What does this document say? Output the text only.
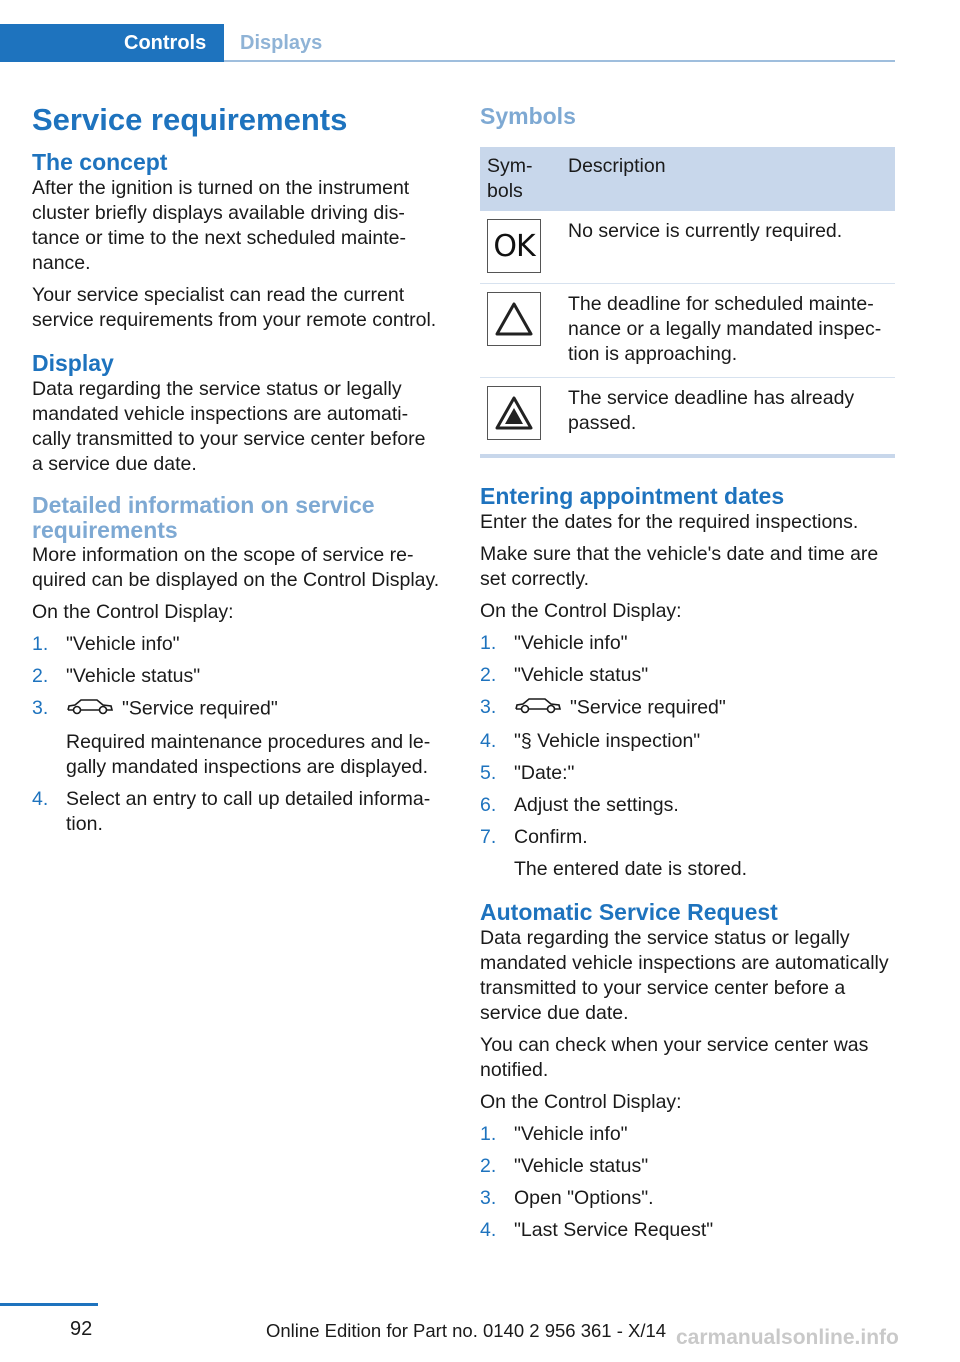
Controls	Displays
Service requirements
The concept

After the ignition is turned on the instrument cluster briefly displays available driving distance or time to the next scheduled maintenance.

Your service specialist can read the current service requirements from your remote control.

Display

Data regarding the service status or legally mandated vehicle inspections are automatically transmitted to your service center before a service due date.

Detailed information on service requirements

More information on the scope of service required can be displayed on the Control Display.

On the Control Display:

1. "Vehicle info"
2. "Vehicle status"
3.	"Service required"
Required maintenance procedures and legally mandated inspections are displayed.
4. Select an entry to call up detailed information.
Symbols
Symbols	Description

OK	No service is currently required.

	The deadline for scheduled maintenance or a legally mandated inspection is approaching.

	The service deadline has already passed.
Entering appointment dates

Enter the dates for the required inspections.

Make sure that the vehicle's date and time are set correctly.

On the Control Display:

1. "Vehicle info"
2. "Vehicle status"
3.	"Service required"
4. "§ Vehicle inspection"
5. "Date:"
6. Adjust the settings.
7. Confirm.
The entered date is stored.
Automatic Service Request

Data regarding the service status or legally mandated vehicle inspections are automatically transmitted to your service center before a service due date.

You can check when your service center was notified.

On the Control Display:

1. "Vehicle info"
2. "Vehicle status"
3. Open "Options".
4. "Last Service Request"
92	Online Edition for Part no. 0140 2 956 361 - X/14 carmanualsonline.info
